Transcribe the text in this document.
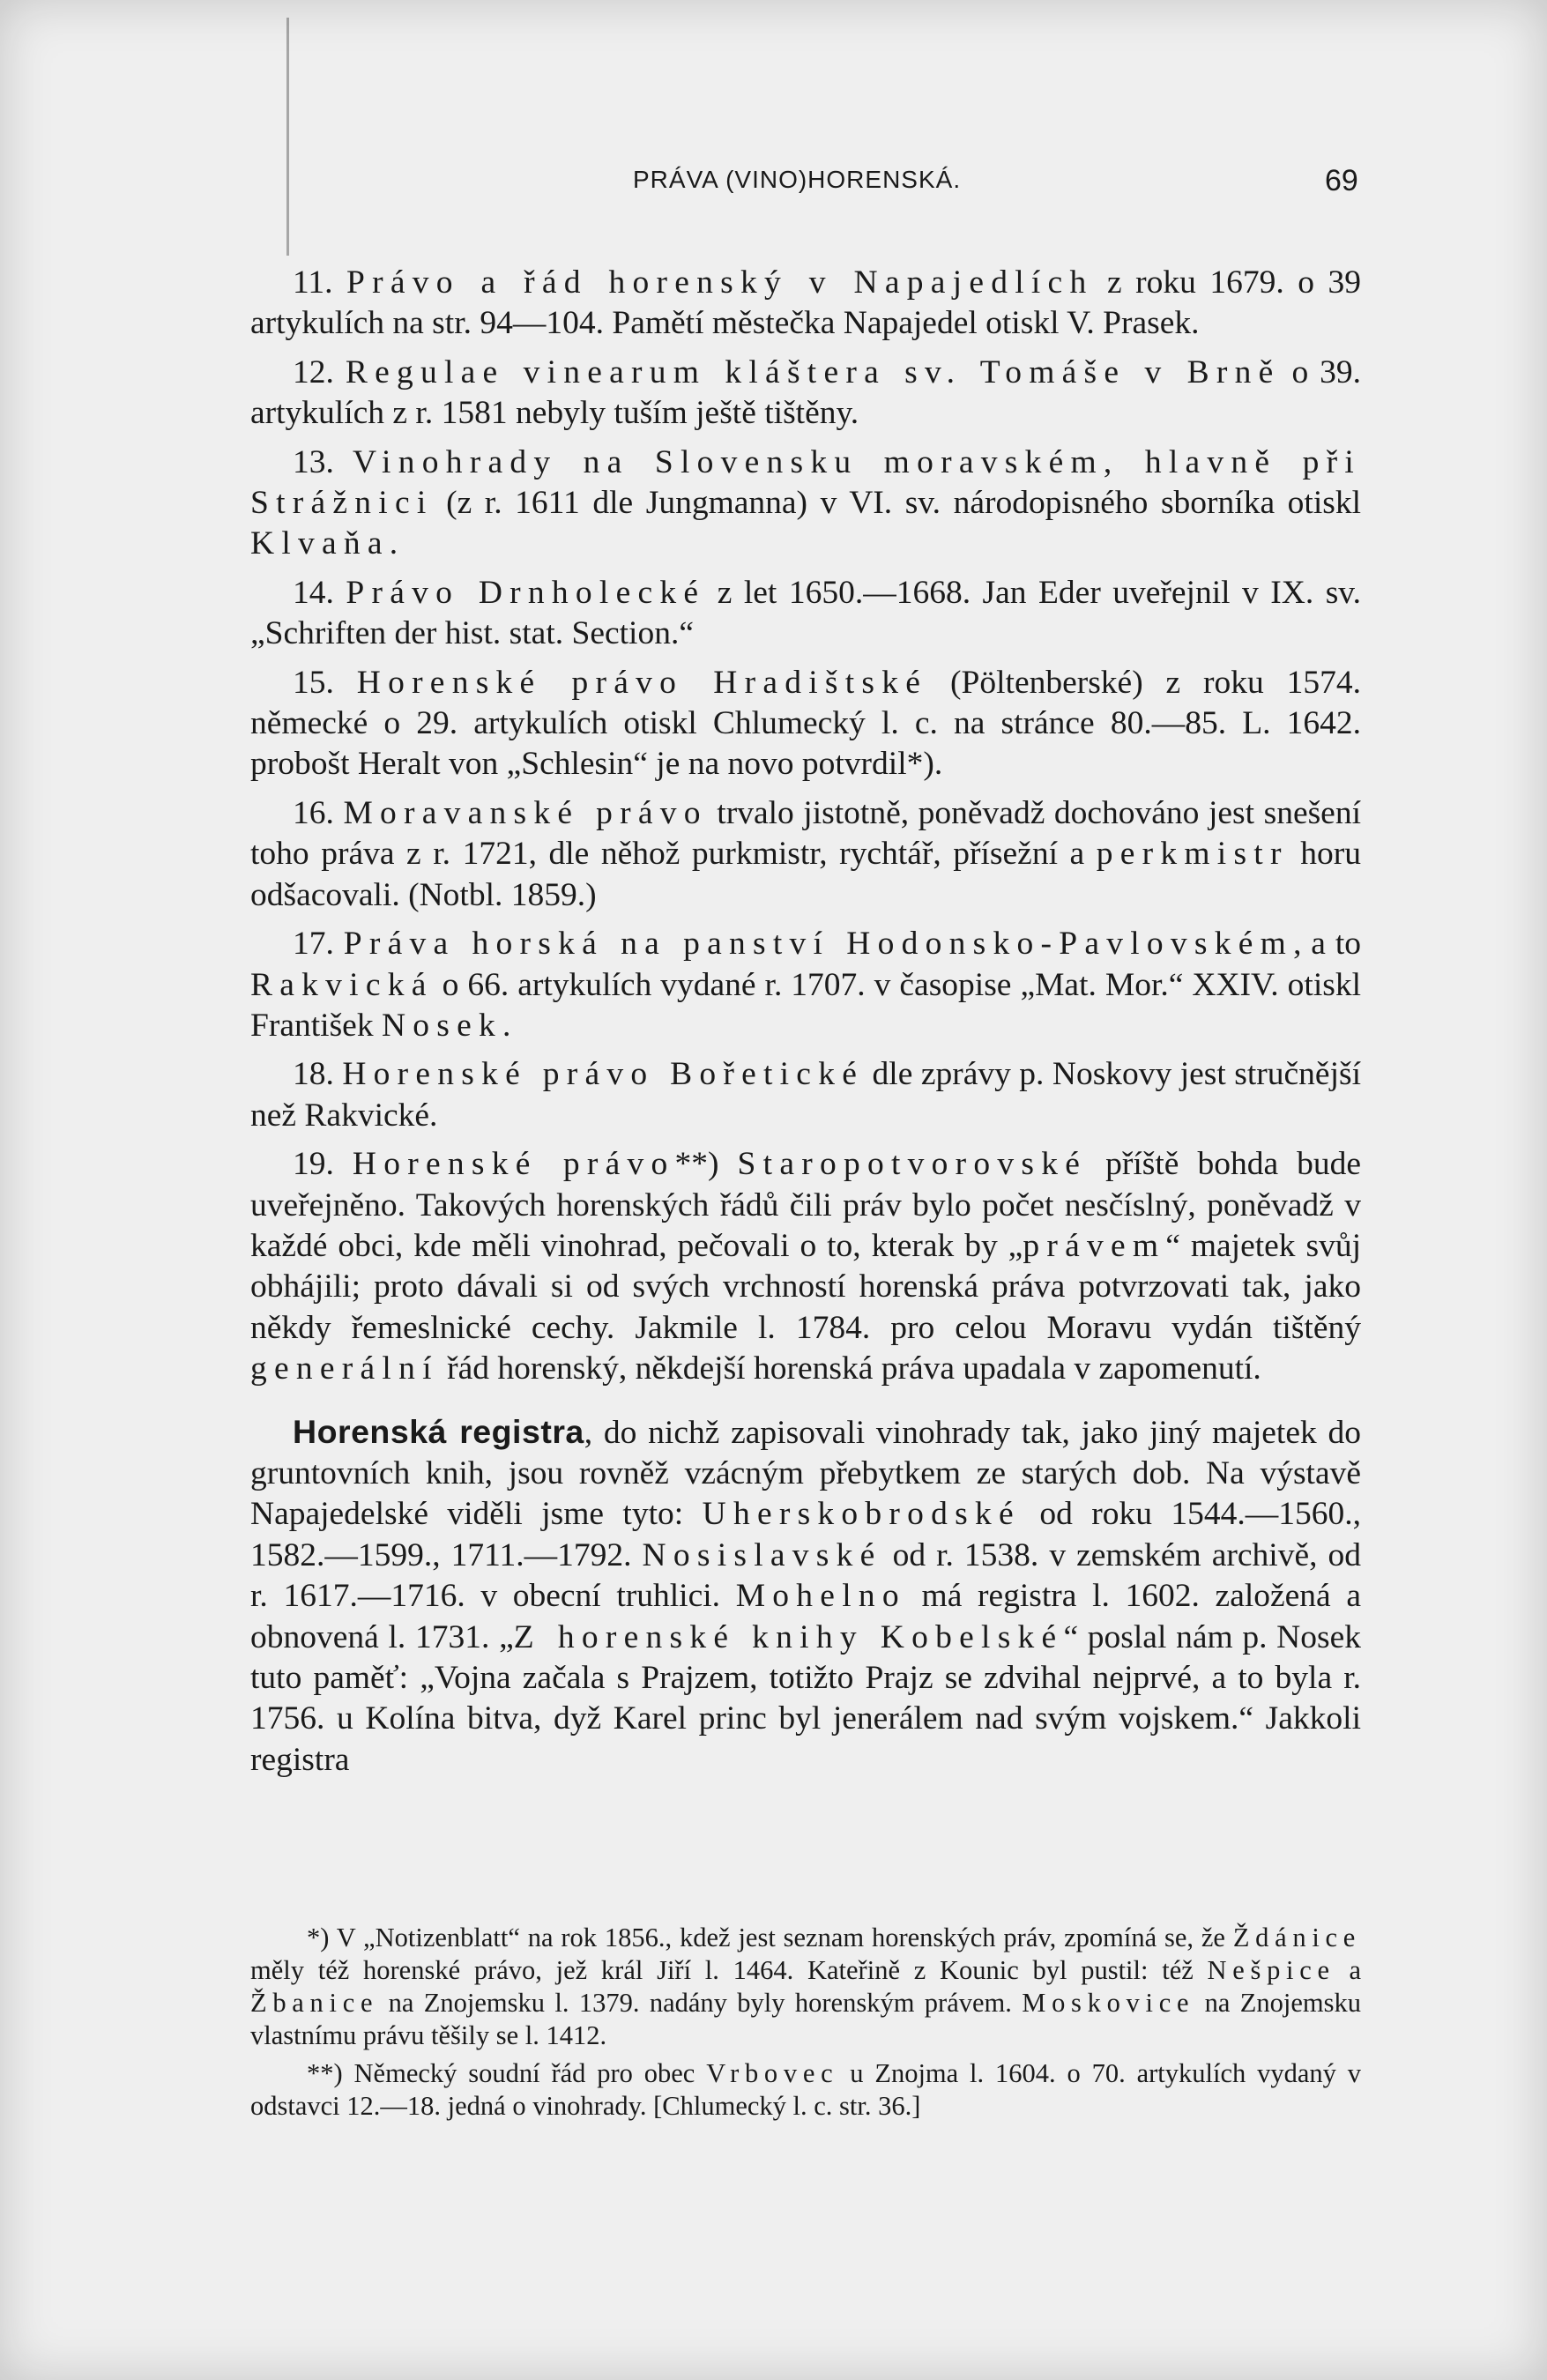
PRÁVA (VINO)HORENSKÁ.	69

11. Právo a řád horenský v Napajedlích z roku 1679. o 39 artykulích na str. 94—104. Pamětí městečka Napajedel otiskl V. Prasek.

12. Regulae vinearum kláštera sv. Tomáše v Brně o 39. artykulích z r. 1581 nebyly tuším ještě tištěny.

13. Vinohrady na Slovensku moravském, hlavně při Strážnici (z r. 1611 dle Jungmanna) v VI. sv. národopisného sborníka otiskl Klvaňa.

14. Právo Drnholecké z let 1650.—1668. Jan Eder uveřejnil v IX. sv. „Schriften der hist. stat. Section.“

15. Horenské právo Hradištské (Pöltenberské) z roku 1574. německé o 29. artykulích otiskl Chlumecký l. c. na stránce 80.—85. L. 1642. probošt Heralt von „Schlesin“ je na novo potvrdil*).

16. Moravanské právo trvalo jistotně, poněvadž dochováno jest snešení toho práva z r. 1721, dle něhož purkmistr, rychtář, přísežní a perkmistr horu odšacovali. (Notbl. 1859.)

17. Práva horská na panství Hodonsko-Pavlovském, a to Rakvická o 66. artykulích vydané r. 1707. v časopise „Mat. Mor.“ XXIV. otiskl František Nosek.

18. Horenské právo Bořetické dle zprávy p. Noskovy jest stručnější než Rakvické.

19. Horenské právo**) Staropotvorovské příště bohda bude uveřejněno. Takových horenských řádů čili práv bylo počet nesčíslný, poněvadž v každé obci, kde měli vinohrad, pečovali o to, kterak by „právem“ majetek svůj obhájili; proto dávali si od svých vrchností horenská práva potvrzovati tak, jako někdy řemeslnické cechy. Jakmile l. 1784. pro celou Moravu vydán tištěný generální řád horenský, někdejší horenská práva upadala v zapomenutí.

Horenská registra, do nichž zapisovali vinohrady tak, jako jiný majetek do gruntovních knih, jsou rovněž vzácným přebytkem ze starých dob. Na výstavě Napajedelské viděli jsme tyto: Uherskobrodské od roku 1544.—1560., 1582.—1599., 1711.—1792. Nosislavské od r. 1538. v zemském archivě, od r. 1617.—1716. v obecní truhlici. Mohelno má registra l. 1602. založená a obnovená l. 1731. „Z horenské knihy Kobelské“ poslal nám p. Nosek tuto paměť: „Vojna začala s Prajzem, totižto Prajz se zdvihal nejprvé, a to byla r. 1756. u Kolína bitva, dyž Karel princ byl jenerálem nad svým vojskem.“ Jakkoli registra

*) V „Notizenblatt“ na rok 1856., kdež jest seznam horenských práv, zpomíná se, že Ždánice měly též horenské právo, jež král Jiří l. 1464. Kateřině z Kounic byl pustil: též Nešpice a Žbanice na Znojemsku l. 1379. nadány byly horenským právem. Moskovice na Znojemsku vlastnímu právu těšily se l. 1412.

**) Německý soudní řád pro obec Vrbovec u Znojma l. 1604. o 70. artykulích vydaný v odstavci 12.—18. jedná o vinohrady. [Chlumecký l. c. str. 36.]
